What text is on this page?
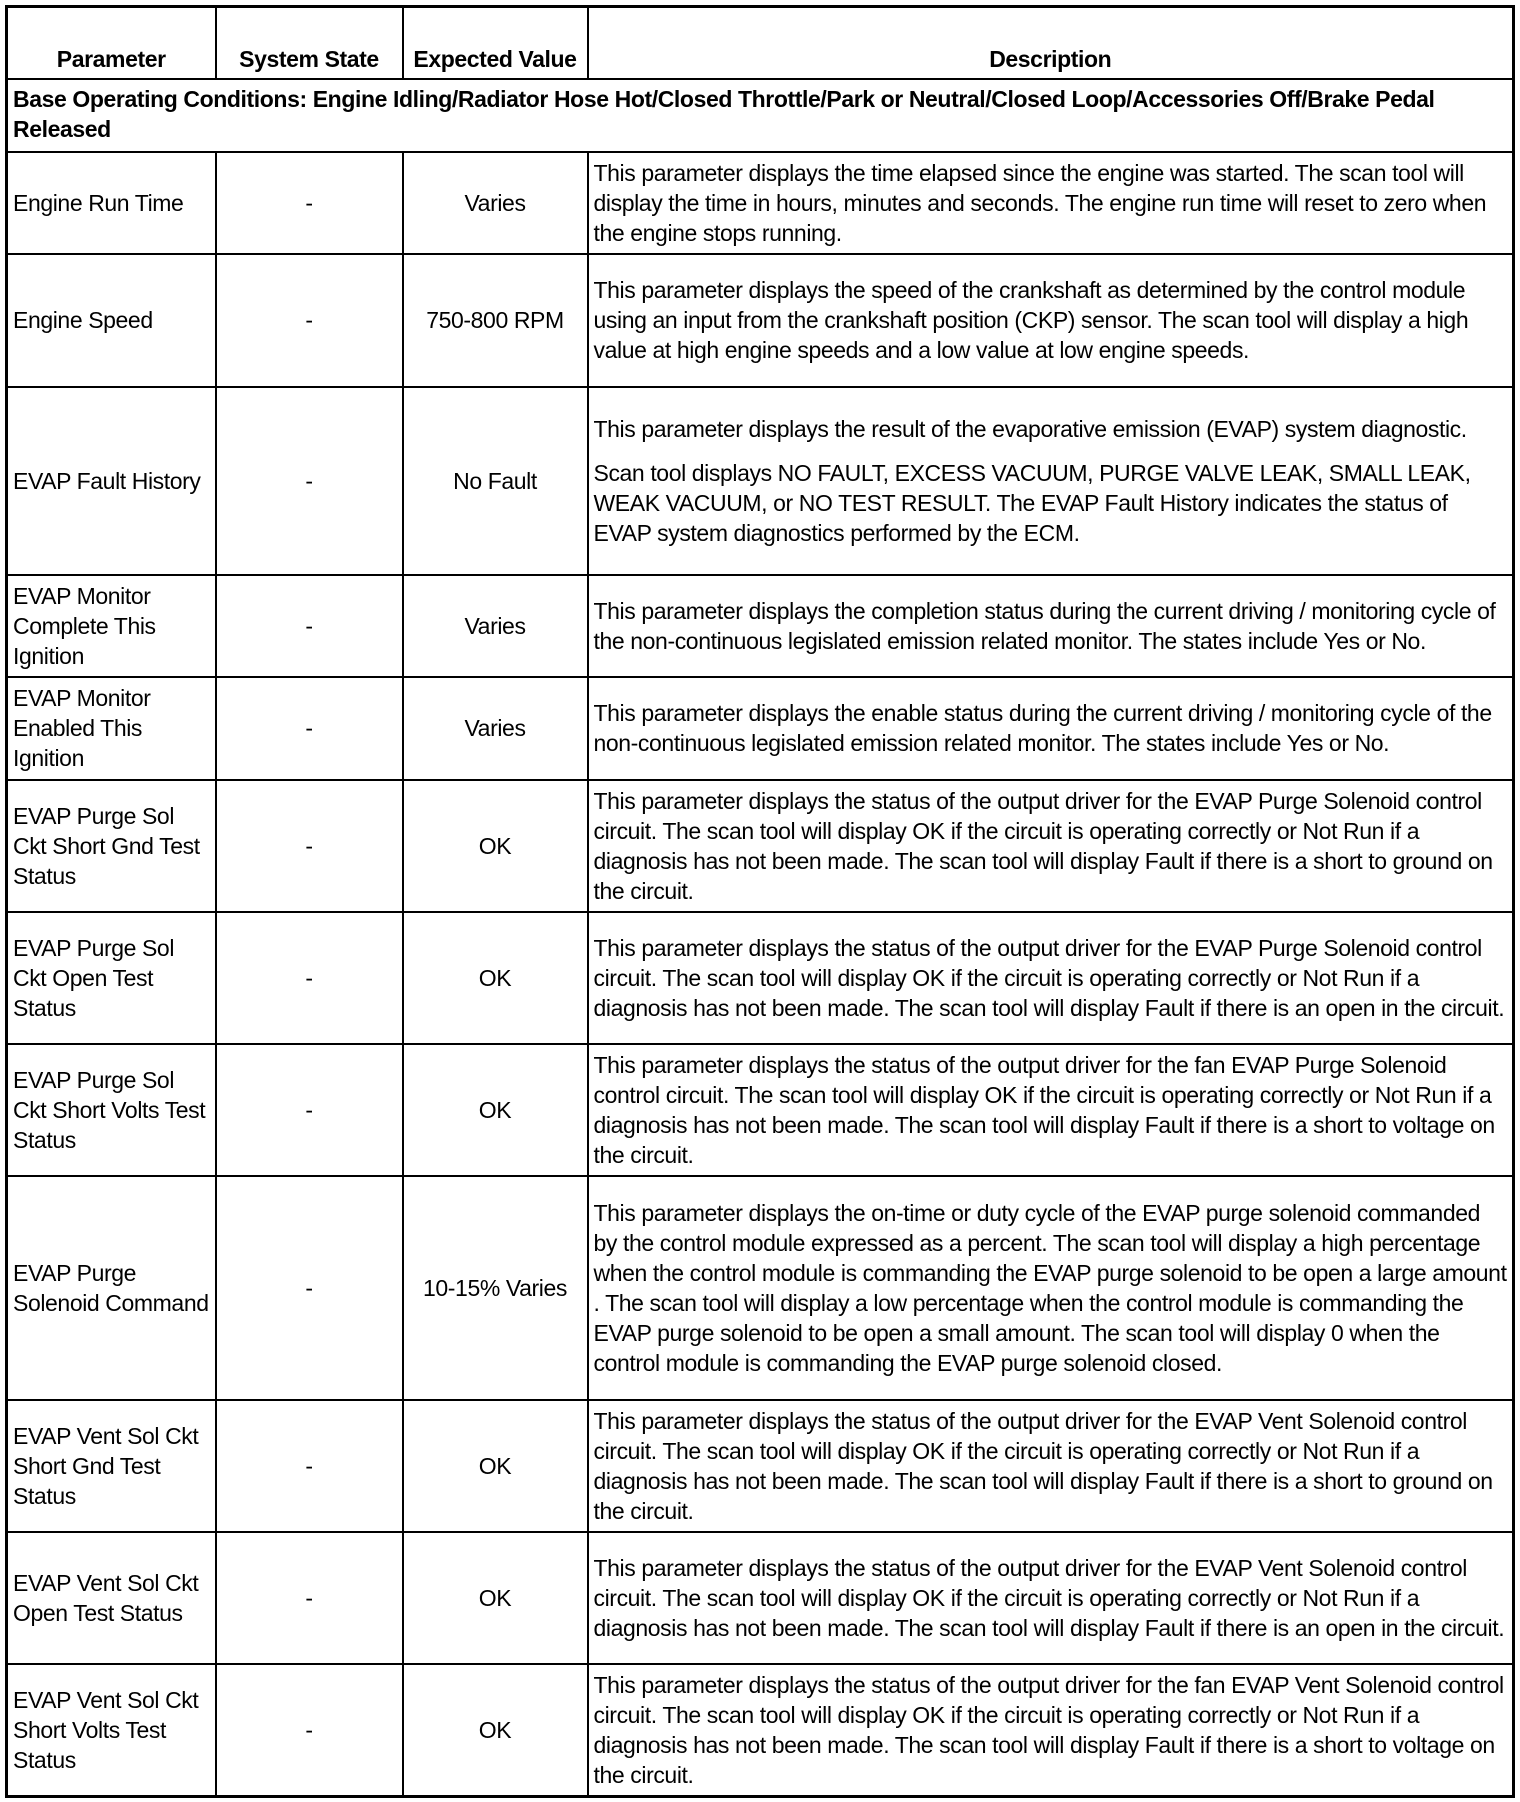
Parameter	System State	Expected Value	Description
Base Operating Conditions: Engine Idling/Radiator Hose Hot/Closed Throttle/Park or Neutral/Closed Loop/Accessories Off/Brake Pedal Released			
Engine Run Time	-	Varies	This parameter displays the time elapsed since the engine was started. The scan tool will display the time in hours, minutes and seconds. The engine run time will reset to zero when the engine stops running.

Engine Speed	-	750-800 RPM	This parameter displays the speed of the crankshaft as determined by the control module using an input from the crankshaft position (CKP) sensor. The scan tool will display a high value at high engine speeds and a low value at low engine speeds.

EVAP Fault History	-	No Fault	This parameter displays the result of the evaporative emission (EVAP) system diagnostic.

Scan tool displays NO FAULT, EXCESS VACUUM, PURGE VALVE LEAK, SMALL LEAK, WEAK VACUUM, or NO TEST RESULT. The EVAP Fault History indicates the status of EVAP system diagnostics performed by the ECM.

EVAP Monitor Complete This Ignition	-	Varies	This parameter displays the completion status during the current driving / monitoring cycle of the non-continuous legislated emission related monitor. The states include Yes or No.

EVAP Monitor Enabled This Ignition	-	Varies	This parameter displays the enable status during the current driving / monitoring cycle of the non-continuous legislated emission related monitor. The states include Yes or No.

EVAP Purge Sol Ckt Short Gnd Test Status	-	OK	This parameter displays the status of the output driver for the EVAP Purge Solenoid control circuit. The scan tool will display OK if the circuit is operating correctly or Not Run if a diagnosis has not been made. The scan tool will display Fault if there is a short to ground on the circuit.

EVAP Purge Sol Ckt Open Test Status	-	OK	This parameter displays the status of the output driver for the EVAP Purge Solenoid control circuit. The scan tool will display OK if the circuit is operating correctly or Not Run if a diagnosis has not been made. The scan tool will display Fault if there is an open in the circuit.

EVAP Purge Sol Ckt Short Volts Test Status	-	OK	This parameter displays the status of the output driver for the fan EVAP Purge Solenoid control circuit. The scan tool will display OK if the circuit is operating correctly or Not Run if a diagnosis has not been made. The scan tool will display Fault if there is a short to voltage on the circuit.

EVAP Purge Solenoid Command	-	10-15% Varies	This parameter displays the on-time or duty cycle of the EVAP purge solenoid commanded by the control module expressed as a percent. The scan tool will display a high percentage when the control module is commanding the EVAP purge solenoid to be open a large amount . The scan tool will display a low percentage when the control module is commanding the EVAP purge solenoid to be open a small amount. The scan tool will display 0 when the control module is commanding the EVAP purge solenoid closed.

EVAP Vent Sol Ckt Short Gnd Test Status	-	OK	This parameter displays the status of the output driver for the EVAP Vent Solenoid control circuit. The scan tool will display OK if the circuit is operating correctly or Not Run if a diagnosis has not been made. The scan tool will display Fault if there is a short to ground on the circuit.

EVAP Vent Sol Ckt Open Test Status	-	OK	This parameter displays the status of the output driver for the EVAP Vent Solenoid control circuit. The scan tool will display OK if the circuit is operating correctly or Not Run if a diagnosis has not been made. The scan tool will display Fault if there is an open in the circuit.

EVAP Vent Sol Ckt Short Volts Test Status	-	OK	This parameter displays the status of the output driver for the fan EVAP Vent Solenoid control circuit. The scan tool will display OK if the circuit is operating correctly or Not Run if a diagnosis has not been made. The scan tool will display Fault if there is a short to voltage on the circuit.
